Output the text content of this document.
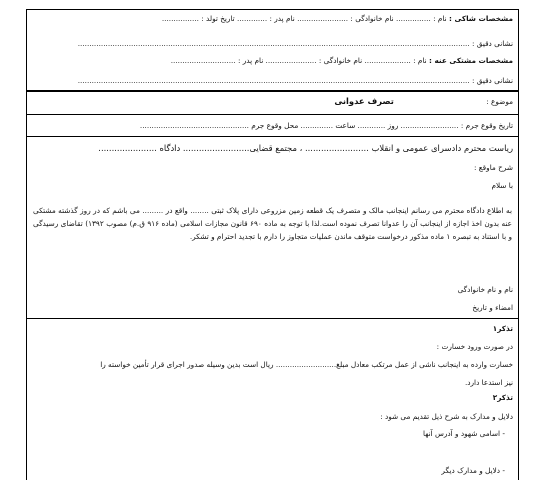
مشخصات شاکی : نام : ............... نام خانوادگی : ...................... نام پدر : ............. تاریخ تولد : ................
نشانی دقیق : .........................................................................................................................................................................
مشخصات مشتکی عنه : نام : .................... نام خانوادگی : ...................... نام پدر : ............................
نشانی دقیق : .........................................................................................................................................................................
موضوع : تصرف عدوانی
تاریخ وقوع جرم : ......................... روز ............ ساعت .............. محل وقوع جرم ...............................................
ریاست محترم دادسرای عمومی و انقلاب ........................ ، مجتمع قضایی......................... دادگاه ......................
شرح ماوقع :
با سلام
به اطلاع دادگاه محترم می رسانم اینجانب مالک و متصرف یک قطعه زمین مزروعی دارای پلاک ثبتی ........ واقع در ......... می باشم که در روز گذشته مشتکی عنه بدون اخذ اجازه از اینجانب آن را عدوانا تصرف نموده است.لذا با توجه به ماده ۶۹۰ قانون مجازات اسلامی (ماده ۹۱۶ ق.م) مصوب ۱۳۹۲) تقاضای رسیدگی و با استناد به تبصره ۱ ماده مذکور درخواست متوقف ماندن عملیات متجاوز را دارم با تجدید احترام و تشکر.
نام و نام خانوادگی
امضاء و تاریخ
تذکر۱
در صورت ورود خسارت :
خسارت وارده به اینجانب ناشی از عمل مرتکب معادل مبلغ.......................... ریال است بدین وسیله صدور اجرای قرار تأمین خواسته را
نیز استدعا دارد.
تذکر۲
دلایل و مدارک به شرح ذیل تقدیم می شود :
- اسامی شهود و آدرس آنها
- دلایل و مدارک دیگر
